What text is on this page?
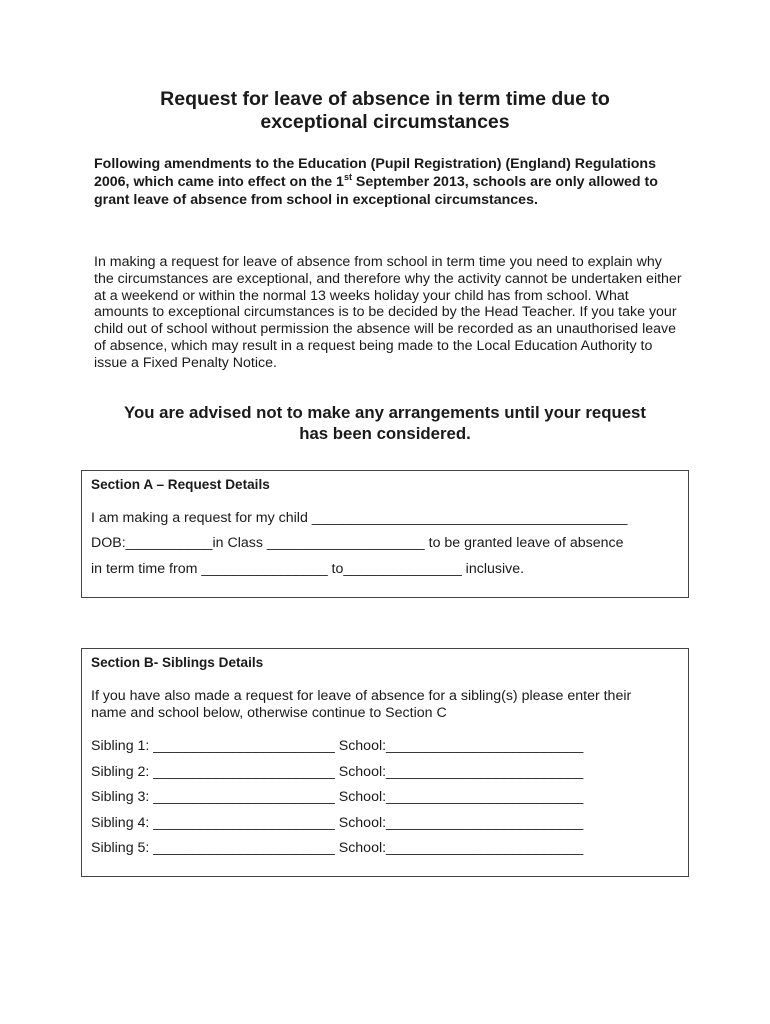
Request for leave of absence in term time due to
exceptional circumstances

Following amendments to the Education (Pupil Registration) (England) Regulations 2006, which came into effect on the 1st September 2013, schools are only allowed to grant leave of absence from school in exceptional circumstances.

In making a request for leave of absence from school in term time you need to explain why the circumstances are exceptional, and therefore why the activity cannot be undertaken either at a weekend or within the normal 13 weeks holiday your child has from school. What amounts to exceptional circumstances is to be decided by the Head Teacher. If you take your child out of school without permission the absence will be recorded as an unauthorised leave of absence, which may result in a request being made to the Local Education Authority to issue a Fixed Penalty Notice.

You are advised not to make any arrangements until your request
has been considered.
Section A – Request Details
I am making a request for my child ________________________________________
DOB:___________in Class ____________________ to be granted leave of absence
in term time from ________________ to_______________ inclusive.
Section B- Siblings Details

If you have also made a request for leave of absence for a sibling(s) please enter their name and school below, otherwise continue to Section C

Sibling 1: _______________________ School:_________________________
Sibling 2: _______________________ School:_________________________
Sibling 3: _______________________ School:_________________________
Sibling 4: _______________________ School:_________________________
Sibling 5: _______________________ School:_________________________
